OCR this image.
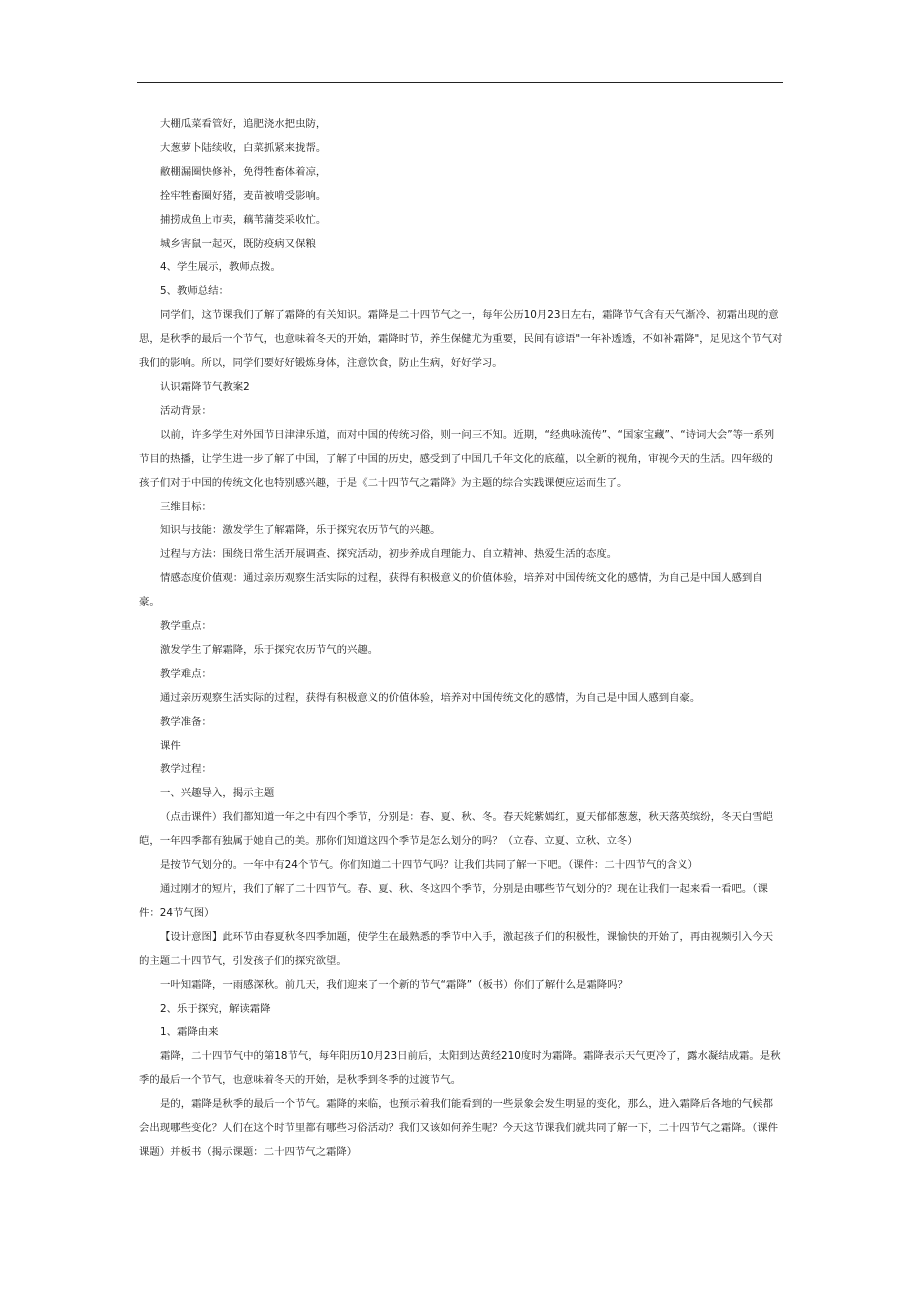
大棚瓜菜看管好，追肥浇水把虫防，

大葱萝卜陆续收，白菜抓紧来拢帮。

敝棚漏圈快修补，免得牲畜体着凉，

拴牢牲畜圈好猪，麦苗被啃受影响。

捕捞成鱼上市卖，藕苇蒲茭采收忙。

城乡害鼠一起灭，既防疫病又保粮

4、学生展示，教师点拨。

5、教师总结：

同学们，这节课我们了解了霜降的有关知识。霜降是二十四节气之一，每年公历10月23日左右，霜降节气含有天气渐冷、初霜出现的意思，是秋季的最后一个节气，也意味着冬天的开始，霜降时节，养生保健尤为重要，民间有谚语"一年补透透，不如补霜降"，足见这个节气对我们的影响。所以，同学们要好好锻炼身体，注意饮食，防止生病，好好学习。

认识霜降节气教案2

活动背景：

以前，许多学生对外国节日津津乐道，而对中国的传统习俗，则一问三不知。近期，“经典咏流传”、“国家宝藏”、“诗词大会”等一系列节目的热播，让学生进一步了解了中国，了解了中国的历史，感受到了中国几千年文化的底蕴，以全新的视角，审视今天的生活。四年级的孩子们对于中国的传统文化也特别感兴趣，于是《二十四节气之霜降》为主题的综合实践课便应运而生了。

三维目标：

知识与技能：激发学生了解霜降，乐于探究农历节气的兴趣。

过程与方法：围绕日常生活开展调查、探究活动，初步养成自理能力、自立精神、热爱生活的态度。

情感态度价值观：通过亲历观察生活实际的过程，获得有积极意义的价值体验，培养对中国传统文化的感情，为自己是中国人感到自豪。

教学重点：

激发学生了解霜降，乐于探究农历节气的兴趣。

教学难点：

通过亲历观察生活实际的过程，获得有积极意义的价值体验，培养对中国传统文化的感情，为自己是中国人感到自豪。

教学准备：

课件

教学过程：

一、兴趣导入，揭示主题

（点击课件）我们都知道一年之中有四个季节，分别是：春、夏、秋、冬。春天姹紫嫣红，夏天郁郁葱葱，秋天落英缤纷，冬天白雪皑皑，一年四季都有独属于她自己的美。那你们知道这四个季节是怎么划分的吗？（立春、立夏、立秋、立冬）

是按节气划分的。一年中有24个节气。你们知道二十四节气吗？让我们共同了解一下吧。（课件：二十四节气的含义）

通过刚才的短片，我们了解了二十四节气。春、夏、秋、冬这四个季节，分别是由哪些节气划分的？现在让我们一起来看一看吧。（课件：24节气图）

【设计意图】此环节由春夏秋冬四季加题，使学生在最熟悉的季节中入手，激起孩子们的积极性，课愉快的开始了，再由视频引入今天的主题二十四节气，引发孩子们的探究欲望。

一叶知霜降，一雨感深秋。前几天，我们迎来了一个新的节气“霜降”（板书）你们了解什么是霜降吗？

2、乐于探究，解读霜降

1、霜降由来

霜降，二十四节气中的第18节气，每年阳历10月23日前后，太阳到达黄经210度时为霜降。霜降表示天气更冷了，露水凝结成霜。是秋季的最后一个节气，也意味着冬天的开始，是秋季到冬季的过渡节气。

是的，霜降是秋季的最后一个节气。霜降的来临，也预示着我们能看到的一些景象会发生明显的变化，那么，进入霜降后各地的气候都会出现哪些变化？人们在这个时节里都有哪些习俗活动？我们又该如何养生呢？今天这节课我们就共同了解一下，二十四节气之霜降。（课件课题）并板书（揭示课题：二十四节气之霜降）
